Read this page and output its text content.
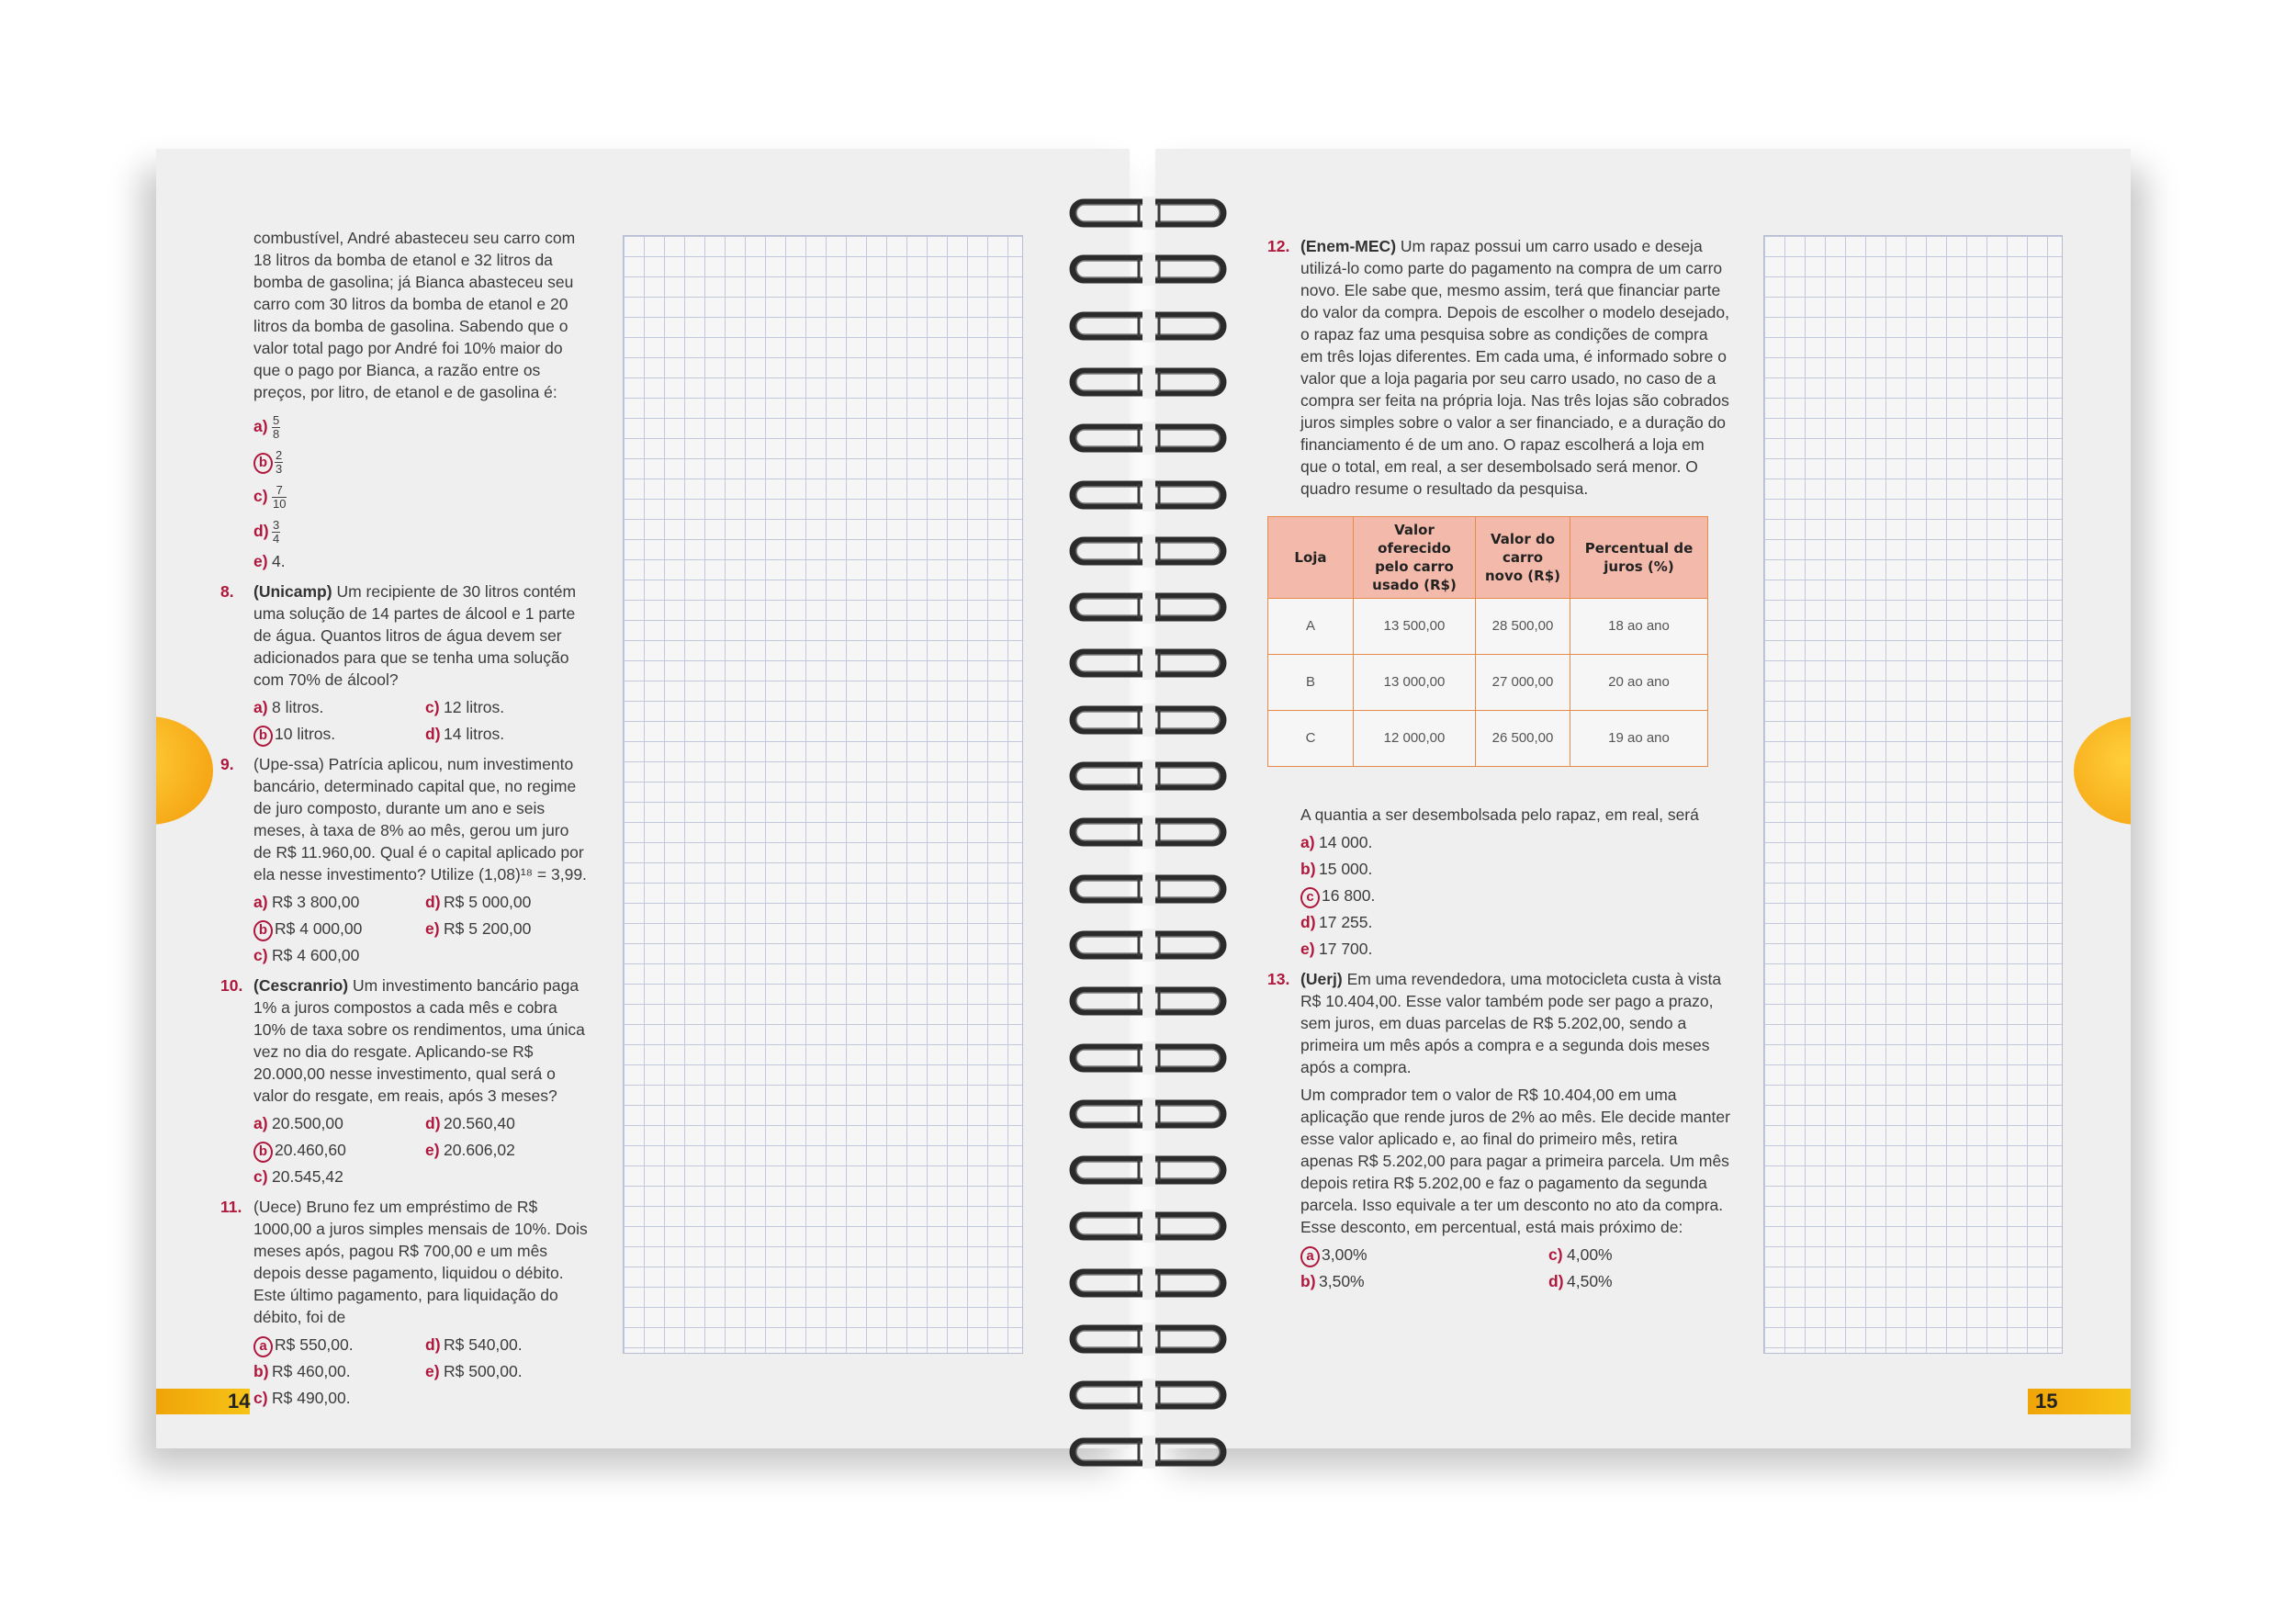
14

combustível, André abasteceu seu carro com 18 litros da bomba de etanol e 32 litros da bomba de gasolina; já Bianca abasteceu seu carro com 30 litros da bomba de etanol e 20 litros da bomba de gasolina. Sabendo que o valor total pago por André foi 10% maior do que o pago por Bianca, a razão entre os preços, por litro, de etanol e de gasolina é:

$a) \frac{5}{8}$
b $\frac{2}{3}$
$c) \frac{7}{10}$
$d) \frac{3}{4}$
e) 4.
8. (Unicamp) Um recipiente de 30 litros contém uma solução de 14 partes de álcool e 1 parte de água. Quantos litros de água devem ser adicionados para que se tenha uma solução com 70% de álcool?

a) 8 litros.	c) 12 litros.
b 10 litros.	d) 14 litros.
9. (Upe-ssa) Patrícia aplicou, num investimento bancário, determinado capital que, no regime de juro composto, durante um ano e seis meses, à taxa de 8% ao mês, gerou um juro de R$ 11.960,00. Qual é o capital aplicado por ela nesse investimento? Utilize (1,08)¹⁸ = 3,99.

a) R$ 3 800,00	d) R$ 5 000,00
b R$ 4 000,00	e) R$ 5 200,00
c) R$ 4 600,00
10. (Cescranrio) Um investimento bancário paga 1% a juros compostos a cada mês e cobra 10% de taxa sobre os rendimentos, uma única vez no dia do resgate. Aplicando-se R$ 20.000,00 nesse investimento, qual será o valor do resgate, em reais, após 3 meses?

a) 20.500,00	d) 20.560,40
b 20.460,60	e) 20.606,02
c) 20.545,42
11. (Uece) Bruno fez um empréstimo de R$ 1000,00 a juros simples mensais de 10%. Dois meses após, pagou R$ 700,00 e um mês depois desse pagamento, liquidou o débito. Este último pagamento, para liquidação do débito, foi de

a R$ 550,00.	d) R$ 540,00.
b) R$ 460,00.	e) R$ 500,00.
c) R$ 490,00.	15
12. (Enem-MEC) Um rapaz possui um carro usado e deseja utilizá-lo como parte do pagamento na compra de um carro novo. Ele sabe que, mesmo assim, terá que financiar parte do valor da compra. Depois de escolher o modelo desejado, o rapaz faz uma pesquisa sobre as condições de compra em três lojas diferentes. Em cada uma, é informado sobre o valor que a loja pagaria por seu carro usado, no caso de a compra ser feita na própria loja. Nas três lojas são cobrados juros simples sobre o valor a ser financiado, e a duração do financiamento é de um ano. O rapaz escolherá a loja em que o total, em real, a ser desembolsado será menor. O quadro resume o resultado da pesquisa.

Loja	Valor oferecido pelo carro usado (R$)	Valor do carro novo (R$)	Percentual de juros (%)
A	13 500,00	28 500,00	18 ao ano
B	13 000,00	27 000,00	20 ao ano
C	12 000,00	26 500,00	19 ao ano

A quantia a ser desembolsada pelo rapaz, em real, será

a) 14 000.
b) 15 000.
c 16 800.
d) 17 255.
e) 17 700.
13. (Uerj) Em uma revendedora, uma motocicleta custa à vista R$ 10.404,00. Esse valor também pode ser pago a prazo, sem juros, em duas parcelas de R$ 5.202,00, sendo a primeira um mês após a compra e a segunda dois meses após a compra.

Um comprador tem o valor de R$ 10.404,00 em uma aplicação que rende juros de 2% ao mês. Ele decide manter esse valor aplicado e, ao final do primeiro mês, retira apenas R$ 5.202,00 para pagar a primeira parcela. Um mês depois retira R$ 5.202,00 e faz o pagamento da segunda parcela. Isso equivale a ter um desconto no ato da compra.

Esse desconto, em percentual, está mais próximo de:

a 3,00%	c) 4,00%
b) 3,50%	d) 4,50%
